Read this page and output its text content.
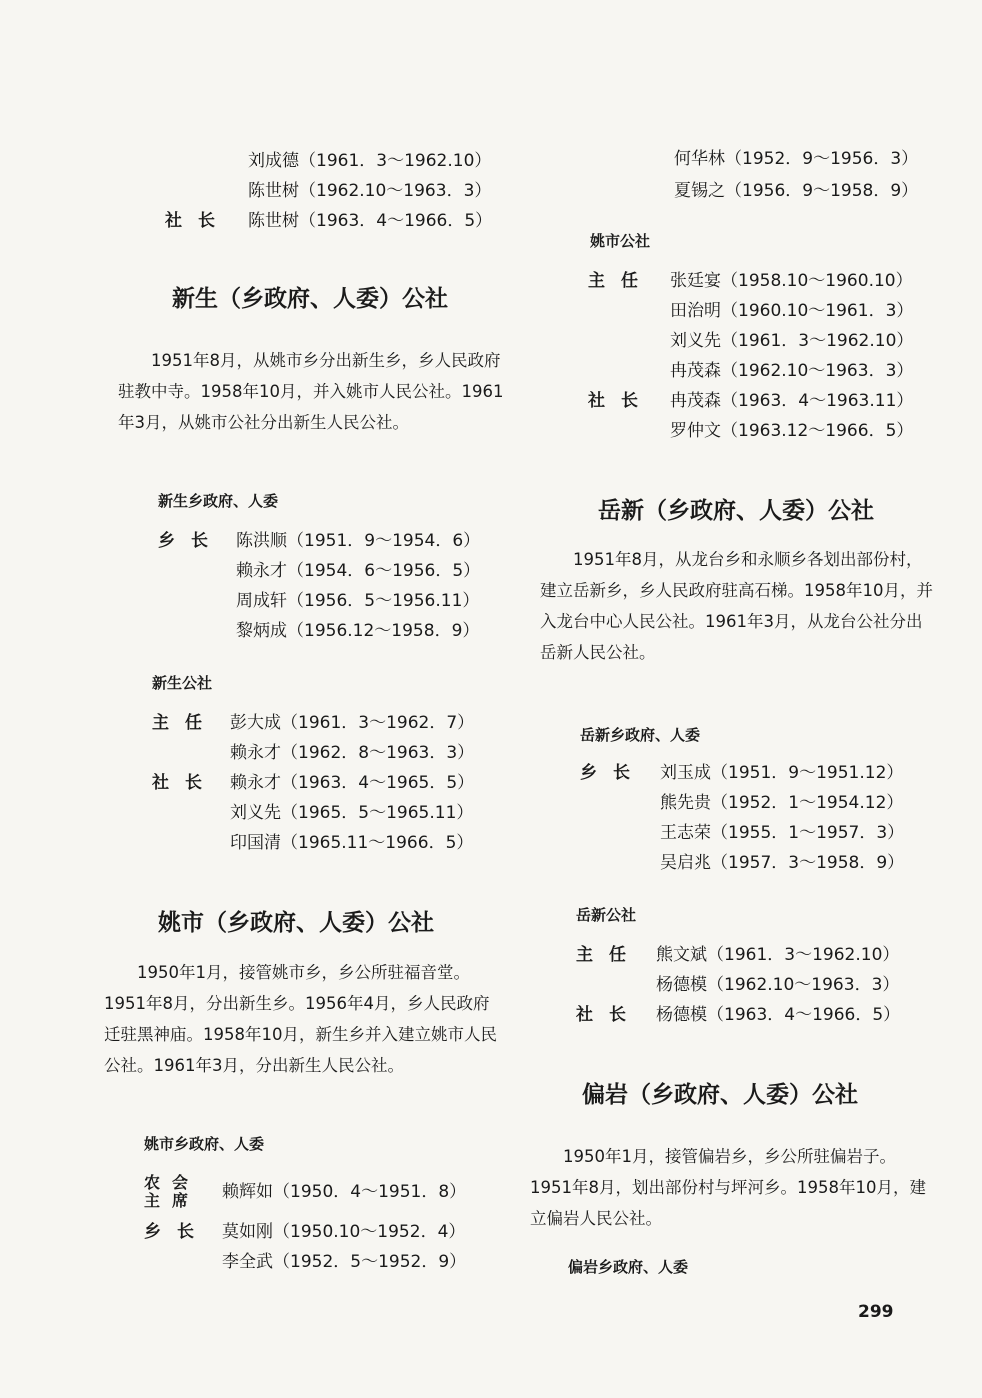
刘成德（1961．3～1962.10）
陈世树（1962.10～1963．3）
社长 陈世树（1963．4～1966．5）
新生（乡政府、人委）公社
1951年8月，从姚市乡分出新生乡，乡人民政府驻教中寺。1958年10月，并入姚市人民公社。1961年3月，从姚市公社分出新生人民公社。
新生乡政府、人委
乡长 陈洪顺（1951．9～1954．6）
赖永才（1954．6～1956．5）
周成轩（1956．5～1956.11）
黎炳成（1956.12～1958．9）
新生公社
主任 彭大成（1961．3～1962．7）
赖永才（1962．8～1963．3）
社长 赖永才（1963．4～1965．5）
刘义先（1965．5～1965.11）
印国清（1965.11～1966．5）
姚市（乡政府、人委）公社
1950年1月，接管姚市乡，乡公所驻福音堂。1951年8月，分出新生乡。1956年4月，乡人民政府迁驻黑神庙。1958年10月，新生乡并入建立姚市人民公社。1961年3月，分出新生人民公社。
姚市乡政府、人委
农会主席	赖辉如（1950．4～1951．8）
乡长 莫如刚（1950.10～1952．4）
李全武（1952．5～1952．9）
何华林（1952．9～1956．3）
夏锡之（1956．9～1958．9）
姚市公社
主任 张廷宴（1958.10～1960.10）
田治明（1960.10～1961．3）
刘义先（1961．3～1962.10）
冉茂森（1962.10～1963．3）
社长 冉茂森（1963．4～1963.11）
罗仲文（1963.12～1966．5）
岳新（乡政府、人委）公社
1951年8月，从龙台乡和永顺乡各划出部份村，建立岳新乡，乡人民政府驻高石梯。1958年10月，并入龙台中心人民公社。1961年3月，从龙台公社分出岳新人民公社。
岳新乡政府、人委
乡长 刘玉成（1951．9～1951.12）
熊先贵（1952．1～1954.12）
王志荣（1955．1～1957．3）
吴启兆（1957．3～1958．9）
岳新公社
主任 熊文斌（1961．3～1962.10）
杨德模（1962.10～1963．3）
社长 杨德模（1963．4～1966．5）
偏岩（乡政府、人委）公社
1950年1月，接管偏岩乡，乡公所驻偏岩子。1951年8月，划出部份村与坪河乡。1958年10月，建立偏岩人民公社。
偏岩乡政府、人委
299
